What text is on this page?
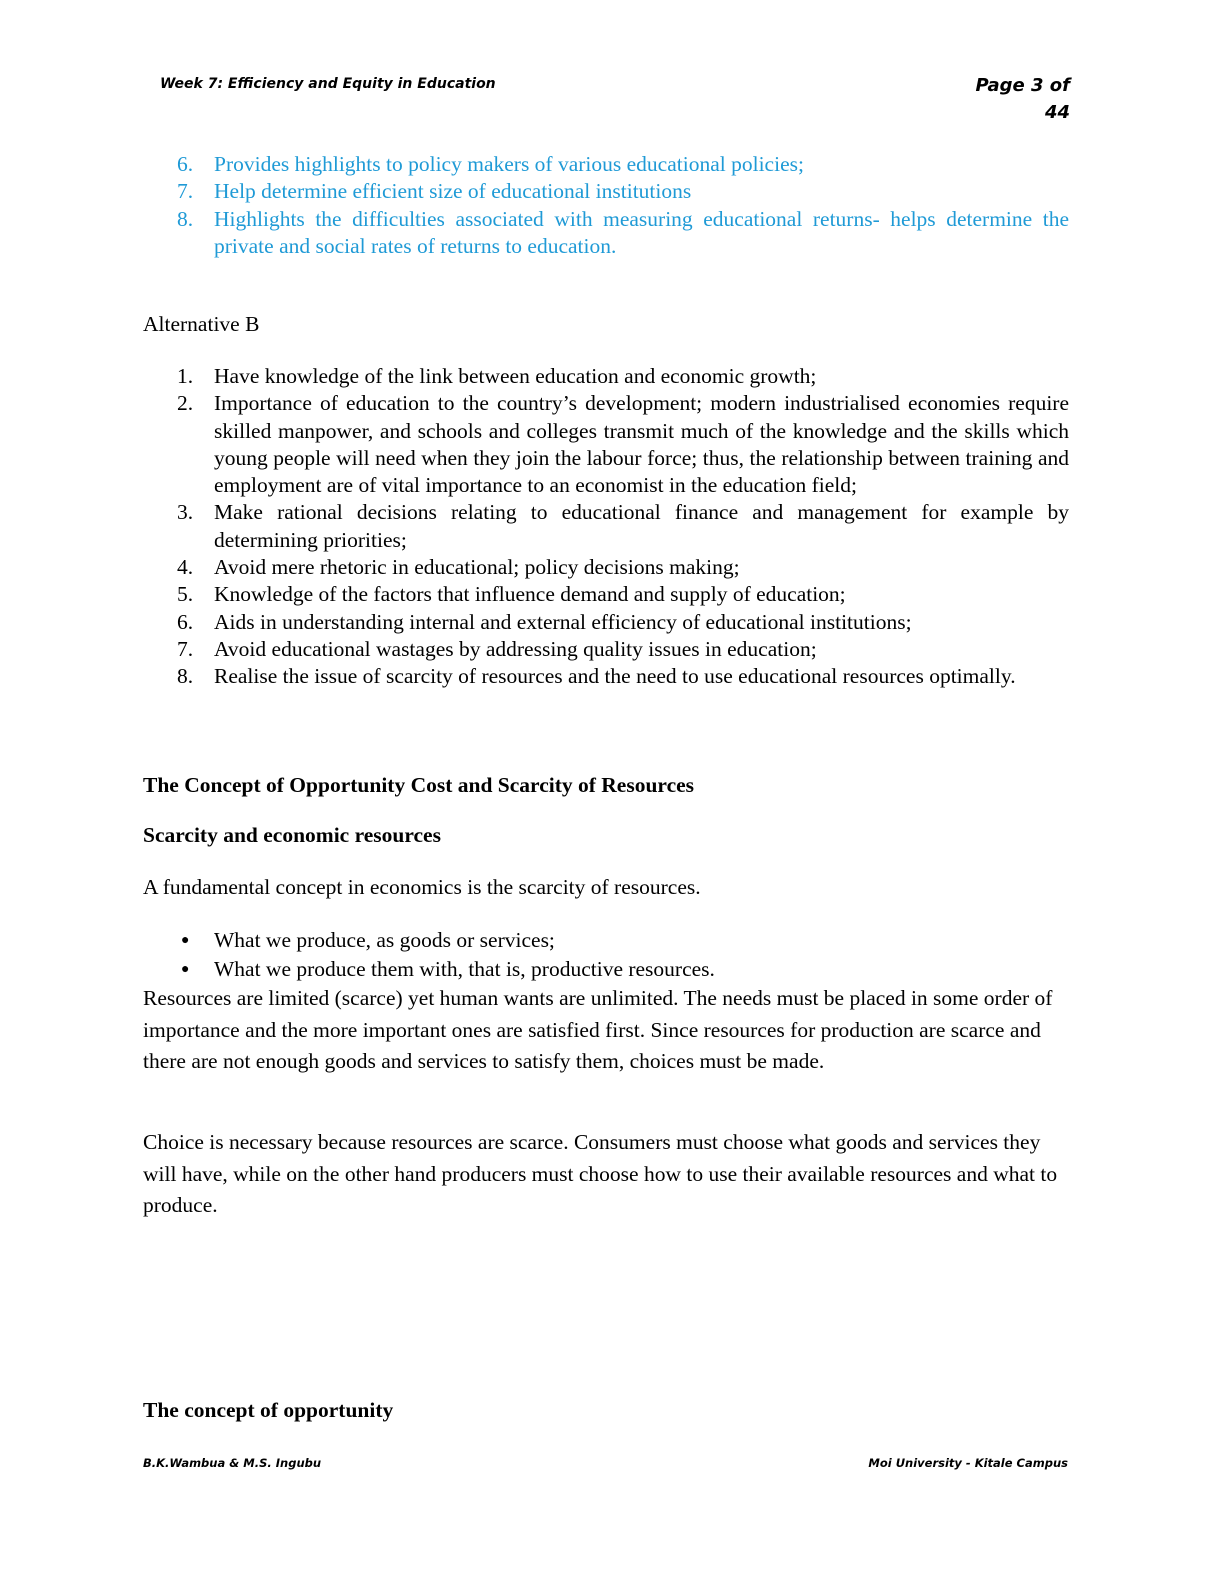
Week 7: Efficiency and Equity in Education	Page 3 of
44
6. Provides highlights to policy makers of various educational policies;
7. Help determine efficient size of educational institutions
8. Highlights the difficulties associated with measuring educational returns- helps determine the private and social rates of returns to education.

Alternative B

1. Have knowledge of the link between education and economic growth;
2. Importance of education to the country’s development; modern industrialised economies require skilled manpower, and schools and colleges transmit much of the knowledge and the skills which young people will need when they join the labour force; thus, the relationship between training and employment are of vital importance to an economist in the education field;
3. Make rational decisions relating to educational finance and management for example by determining priorities;
4. Avoid mere rhetoric in educational; policy decisions making;
5. Knowledge of the factors that influence demand and supply of education;
6. Aids in understanding internal and external efficiency of educational institutions;
7. Avoid educational wastages by addressing quality issues in education;
8. Realise the issue of scarcity of resources and the need to use educational resources optimally.
The Concept of Opportunity Cost and Scarcity of Resources
Scarcity and economic resources

A fundamental concept in economics is the scarcity of resources.

● What we produce, as goods or services;
● What we produce them with, that is, productive resources.

Resources are limited (scarce) yet human wants are unlimited. The needs must be placed in some order of importance and the more important ones are satisfied first. Since resources for production are scarce and there are not enough goods and services to satisfy them, choices must be made.

Choice is necessary because resources are scarce. Consumers must choose what goods and services they will have, while on the other hand producers must choose how to use their available resources and what to produce.

The concept of opportunity
B.K.Wambua & M.S. Ingubu	Moi University - Kitale Campus
